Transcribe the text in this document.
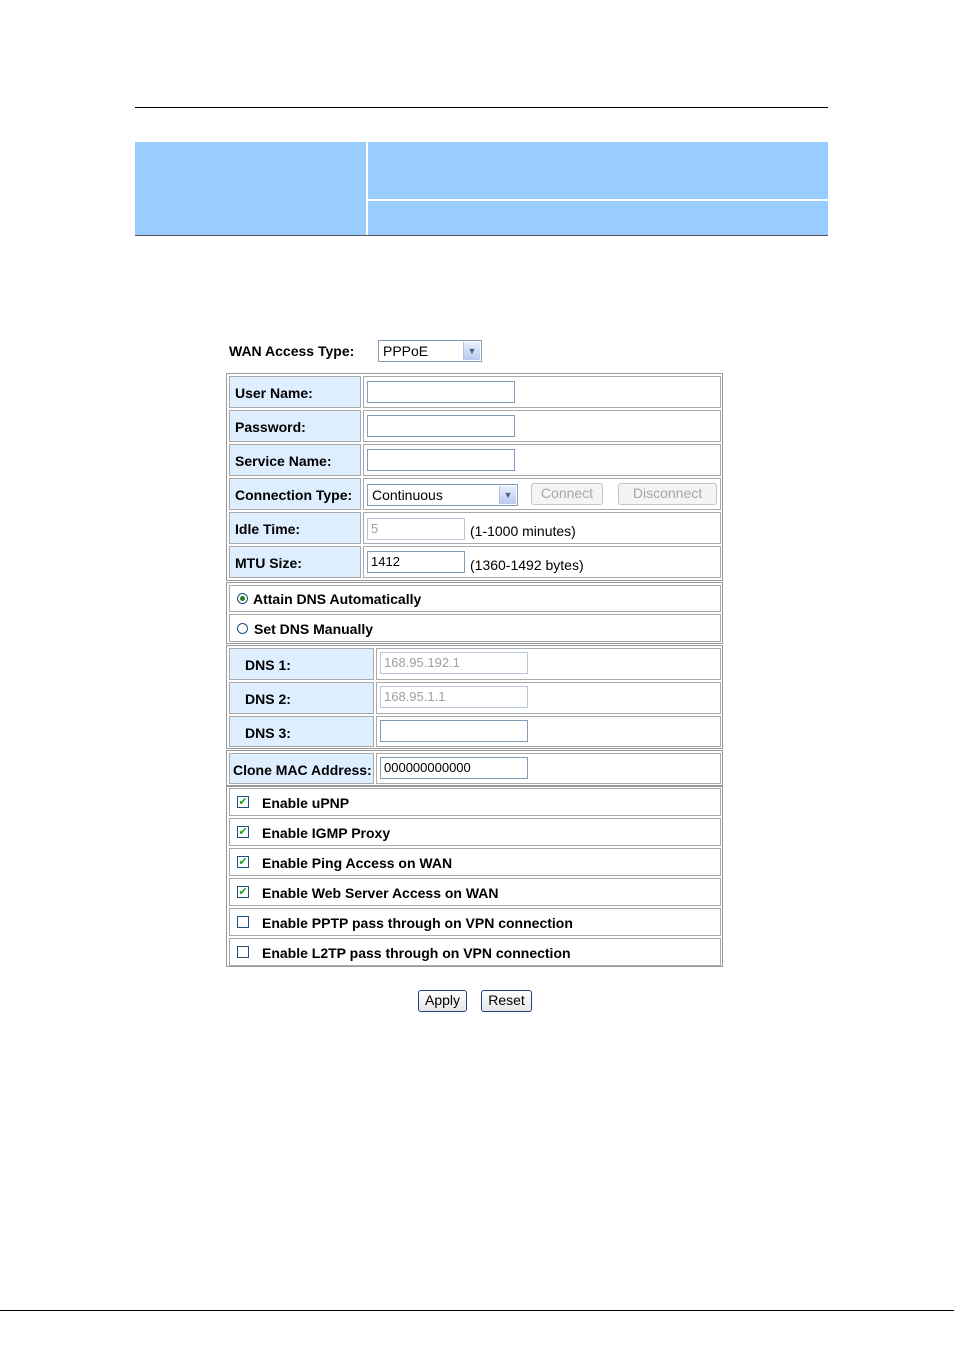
WAN Access Type: PPPoE	▼
User Name:
Password:
Service Name:
Connection Type: Continuous	▼	Connect	Disconnect
Idle Time:	5	(1-1000 minutes)
MTU Size:	1412	(1360-1492 bytes)
Attain DNS Automatically
Set DNS Manually
DNS 1:	168.95.192.1
DNS 2:	168.95.1.1
DNS 3:
Clone MAC Address: 000000000000
✔ Enable uPNP
✔ Enable IGMP Proxy
✔ Enable Ping Access on WAN
✔ Enable Web Server Access on WAN
Enable PPTP pass through on VPN connection
Enable L2TP pass through on VPN connection
Apply	Reset
